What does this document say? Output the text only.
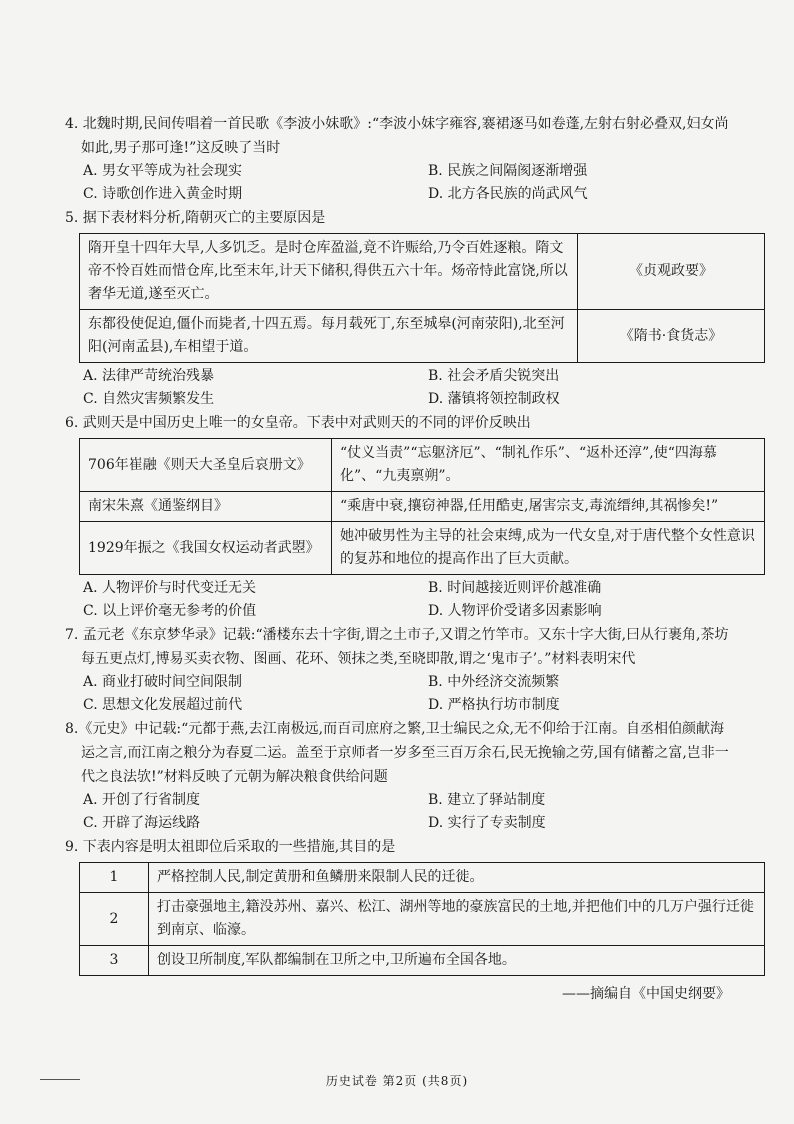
4. 北魏时期,民间传唱着一首民歌《李波小妹歌》:“李波小妹字雍容,褰裙逐马如卷蓬,左射右射必叠双,妇女尚如此,男子那可逢!”这反映了当时
A. 男女平等成为社会现实	B. 民族之间隔阂逐渐增强
C. 诗歌创作进入黄金时期	D. 北方各民族的尚武风气
5. 据下表材料分析,隋朝灭亡的主要原因是
隋开皇十四年大旱,人多饥乏。是时仓库盈溢,竟不许赈给,乃令百姓逐粮。隋文帝不怜百姓而惜仓库,比至末年,计天下储积,得供五六十年。炀帝恃此富饶,所以奢华无道,遂至灭亡。	《贞观政要》
东都役使促迫,僵仆而毙者,十四五焉。每月载死丁,东至城皋(河南荥阳),北至河阳(河南孟县),车相望于道。	《隋书·食货志》
A. 法律严苛统治残暴	B. 社会矛盾尖锐突出
C. 自然灾害频繁发生	D. 藩镇将领控制政权
6. 武则天是中国历史上唯一的女皇帝。下表中对武则天的不同的评价反映出
706年崔融《则天大圣皇后哀册文》	“仗义当责”“忘躯济厄”、“制礼作乐”、“返朴还淳”,使“四海慕化”、“九夷禀朔”。
南宋朱熹《通鉴纲目》	“乘唐中衰,攘窃神器,任用酷吏,屠害宗支,毒流缙绅,其祸惨矣!”
1929年振之《我国女权运动者武曌》	她冲破男性为主导的社会束缚,成为一代女皇,对于唐代整个女性意识的复苏和地位的提高作出了巨大贡献。
A. 人物评价与时代变迁无关	B. 时间越接近则评价越准确
C. 以上评价毫无参考的价值	D. 人物评价受诸多因素影响
7. 孟元老《东京梦华录》记载:“潘楼东去十字街,谓之土市子,又谓之竹竿市。又东十字大街,曰从行裹角,茶坊每五更点灯,博易买卖衣物、图画、花环、领抹之类,至晓即散,谓之‘鬼市子’。”材料表明宋代
A. 商业打破时间空间限制	B. 中外经济交流频繁
C. 思想文化发展超过前代	D. 严格执行坊市制度
8.《元史》中记载:“元都于燕,去江南极远,而百司庶府之繁,卫士编民之众,无不仰给于江南。自丞相伯颜献海运之言,而江南之粮分为春夏二运。盖至于京师者一岁多至三百万余石,民无挽输之劳,国有储蓄之富,岂非一代之良法欤!”材料反映了元朝为解决粮食供给问题
A. 开创了行省制度	B. 建立了驿站制度
C. 开辟了海运线路	D. 实行了专卖制度
9. 下表内容是明太祖即位后采取的一些措施,其目的是
1	严格控制人民,制定黄册和鱼鳞册来限制人民的迁徙。
2	打击豪强地主,籍没苏州、嘉兴、松江、湖州等地的豪族富民的土地,并把他们中的几万户强行迁徙到南京、临濠。
3	创设卫所制度,军队都编制在卫所之中,卫所遍布全国各地。
——摘编自《中国史纲要》
历史试卷 第2页 (共8页)
